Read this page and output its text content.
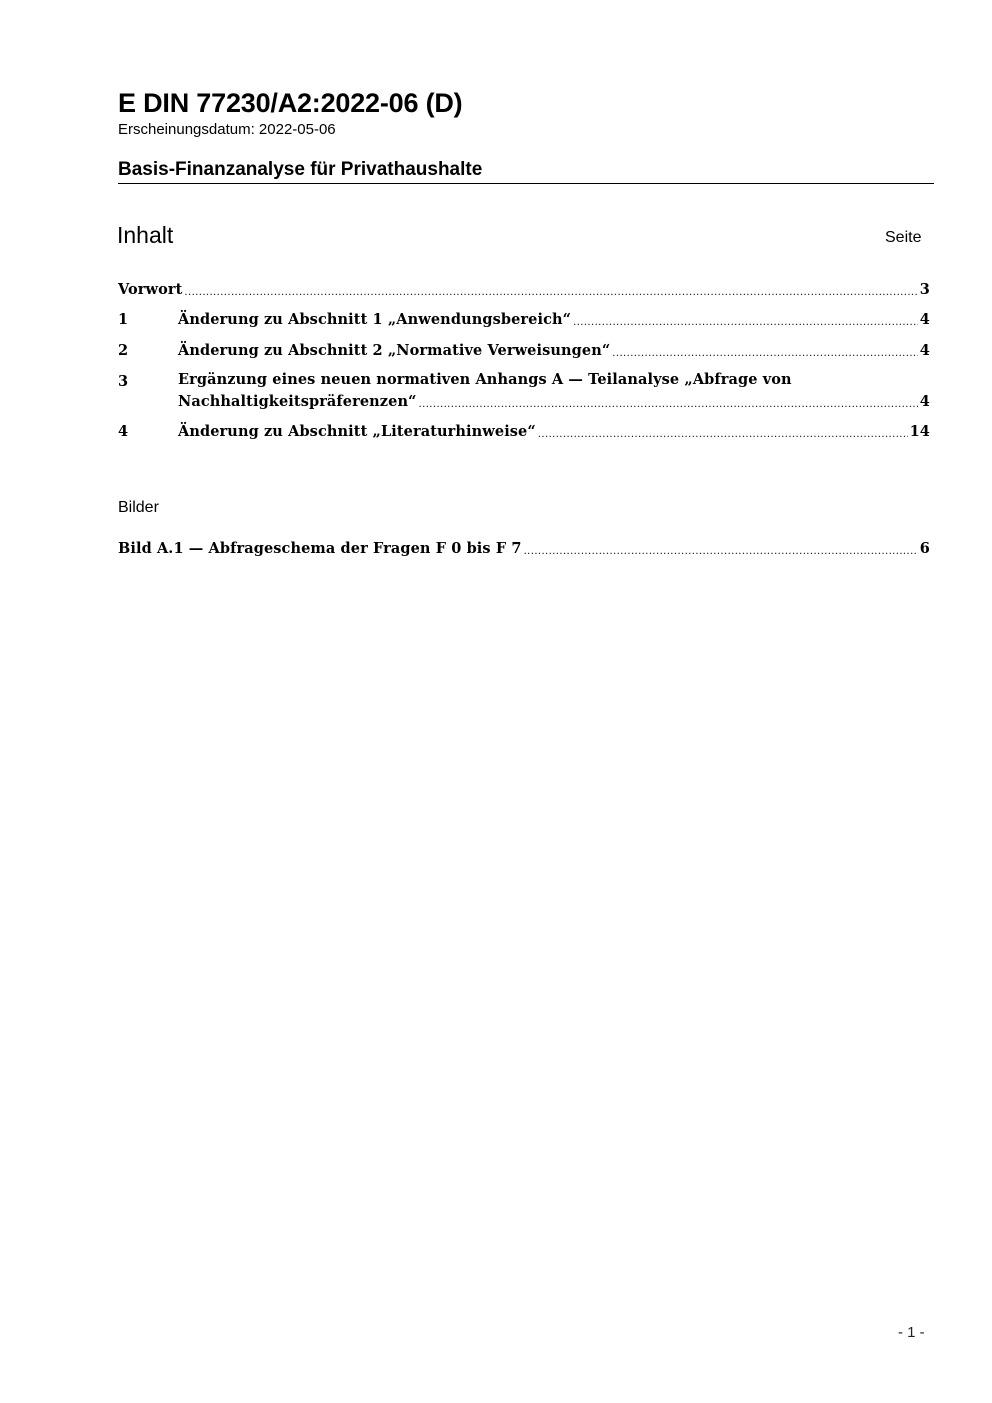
E DIN 77230/A2:2022-06 (D)
Erscheinungsdatum: 2022-05-06
Basis-Finanzanalyse für Privathaushalte
Inhalt	Seite
Vorwort .....	3
1	Änderung zu Abschnitt 1 „Anwendungsbereich“ .....	4
2	Änderung zu Abschnitt 2 „Normative Verweisungen“ .....	4
3	Ergänzung eines neuen normativen Anhangs A — Teilanalyse „Abfrage von
Nachhaltigkeitspräferenzen“ .....	4
4	Änderung zu Abschnitt „Literaturhinweise“ .....	14
Bilder
Bild A.1 — Abfrageschema der Fragen F 0 bis F 7 .....	6
- 1 -
